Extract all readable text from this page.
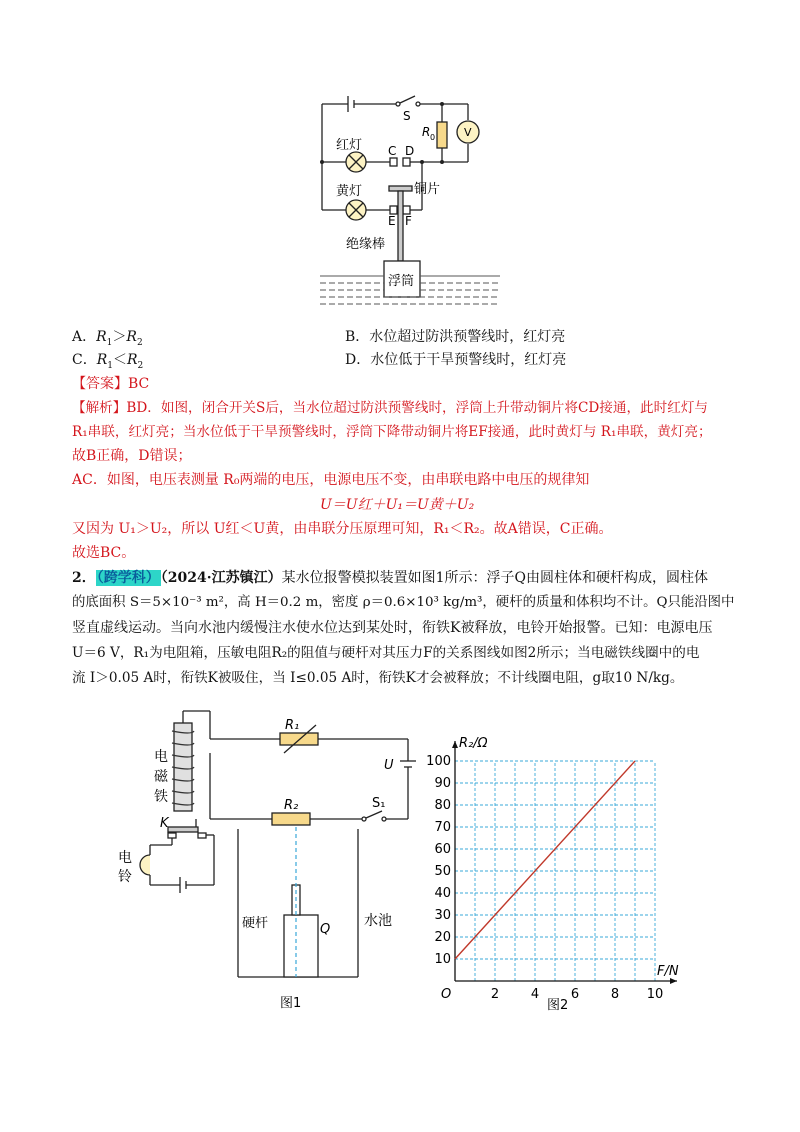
S
R 0	V
红灯
黄灯
C D
E F
铜片
绝缘棒
浮筒
A．$R_1>R_2$	B．水位超过防洪预警线时，红灯亮
C．$R_1<R_2$	D．水位低于干旱预警线时，红灯亮
【答案】BC
【解析】BD．如图，闭合开关S后，当水位超过防洪预警线时，浮筒上升带动铜片将CD接通，此时红灯与
R₁串联，红灯亮；当水位低于干旱预警线时，浮筒下降带动铜片将EF接通，此时黄灯与 R₁串联，黄灯亮；
故B正确，D错误；
AC．如图，电压表测量 R₀两端的电压，电源电压不变，由串联电路中电压的规律知
U＝U红＋U₁＝U黄＋U₂
又因为 U₁＞U₂，所以 U红＜U黄，由串联分压原理可知，R₁＜R₂。故A错误，C正确。
故选BC。
2．（跨学科）（2024·江苏镇江）某水位报警模拟装置如图1所示：浮子Q由圆柱体和硬杆构成，圆柱体
的底面积 S＝5×10⁻³ m²，高 H＝0.2 m，密度 ρ＝0.6×10³ kg/m³，硬杆的质量和体积均不计。Q只能沿图中
竖直虚线运动。当向水池内缓慢注水使水位达到某处时，衔铁K被释放，电铃开始报警。已知：电源电压
U＝6 V，R₁为电阻箱，压敏电阻R₂的阻值与硬杆对其压力F的关系图线如图2所示；当电磁铁线圈中的电
流 I＞0.05 A时，衔铁K被吸住，当 I≤0.05 A时，衔铁K才会被释放；不计线圈电阻，g取10 N/kg。
R₁
R₂
U
S₁
电
磁
铁
K
电
铃
硬杆	Q
水池
图1
2 4 6 8 10
10
20
30
40
50
60
70
80
90
100
R₂/Ω
F/N
O
图2
